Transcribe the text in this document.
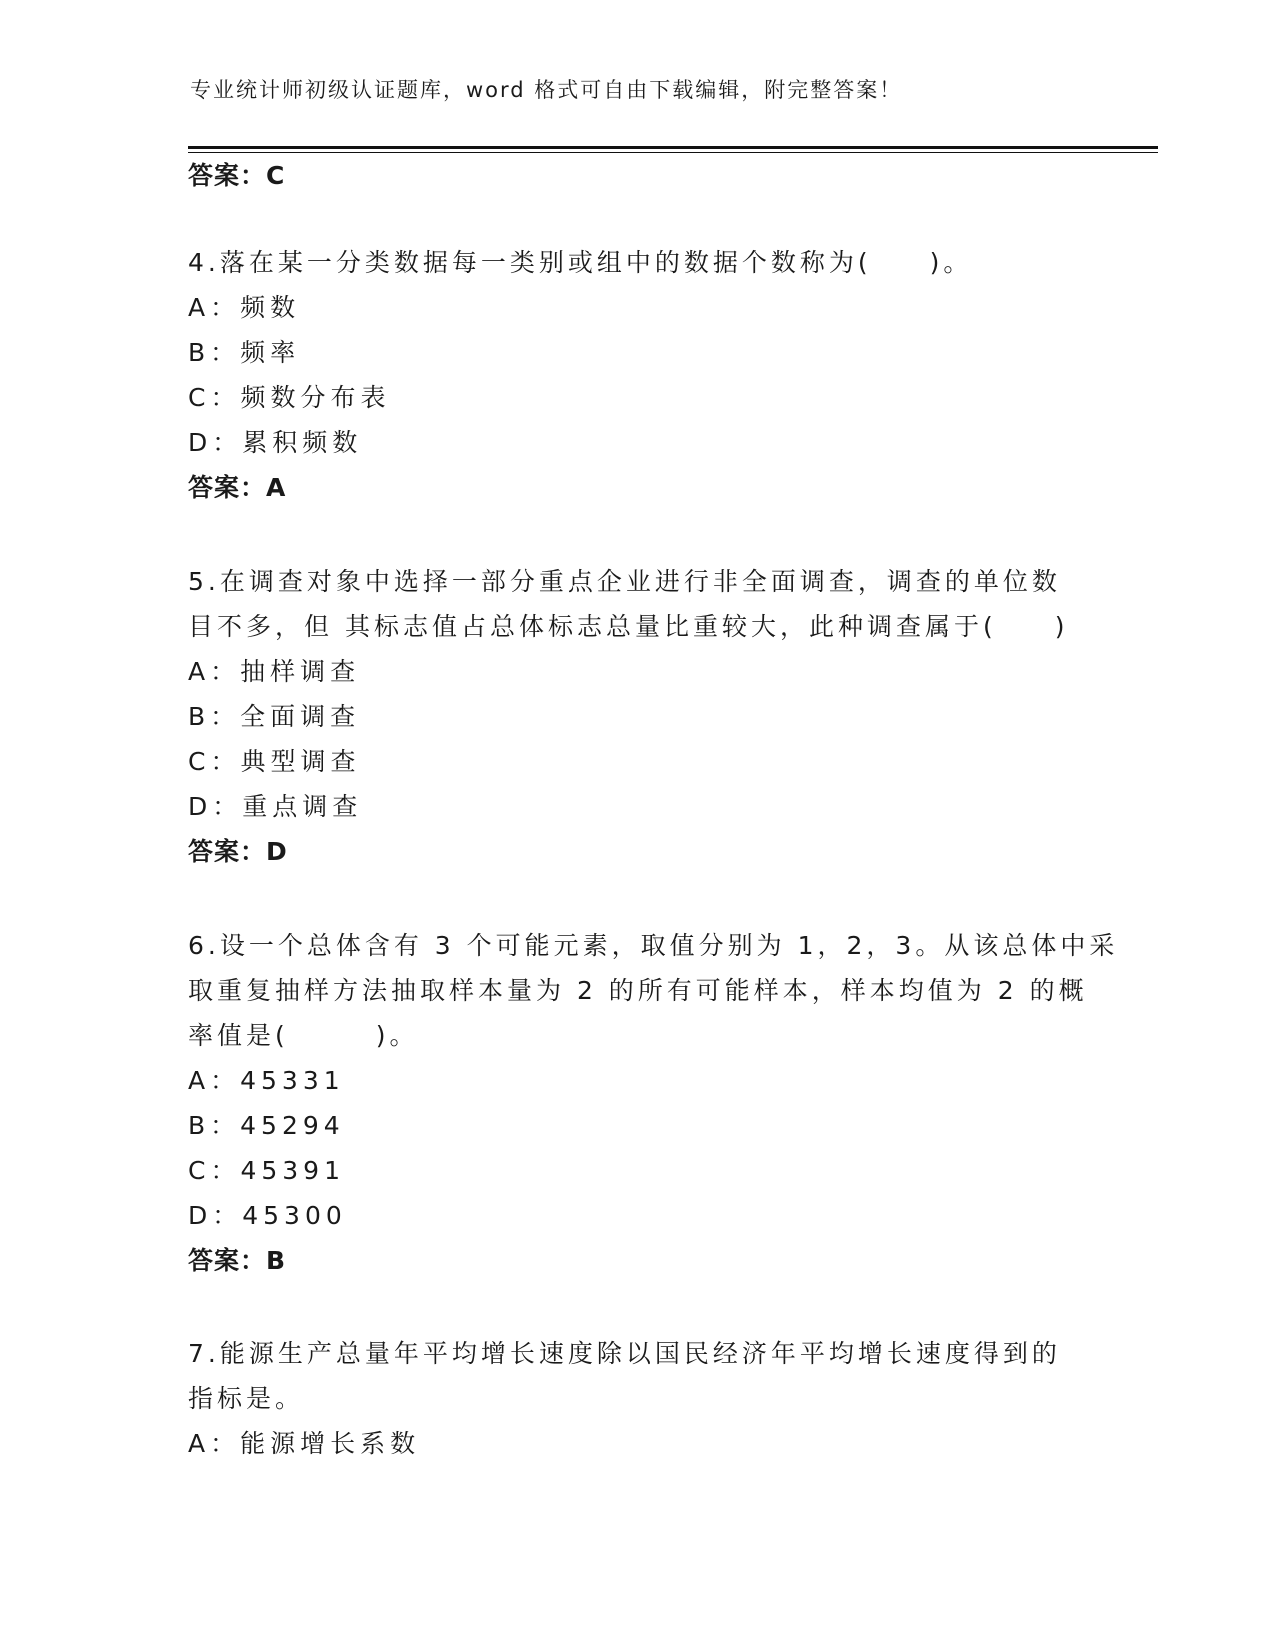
专业统计师初级认证题库，word 格式可自由下载编辑，附完整答案！
答案：C
4.落在某一分类数据每一类别或组中的数据个数称为(　　)。
A：频数
B：频率
C：频数分布表
D：累积频数
答案：A
5.在调查对象中选择一部分重点企业进行非全面调查，调查的单位数
目不多，但 其标志值占总体标志总量比重较大，此种调查属于(　　)
A：抽样调查
B：全面调查
C：典型调查
D：重点调查
答案：D
6.设一个总体含有 3 个可能元素，取值分别为 1，2，3。从该总体中采
取重复抽样方法抽取样本量为 2 的所有可能样本，样本均值为 2 的概
率值是(　　　)。
A：45331
B：45294
C：45391
D：45300
答案：B
7.能源生产总量年平均增长速度除以国民经济年平均增长速度得到的
指标是。
A：能源增长系数
